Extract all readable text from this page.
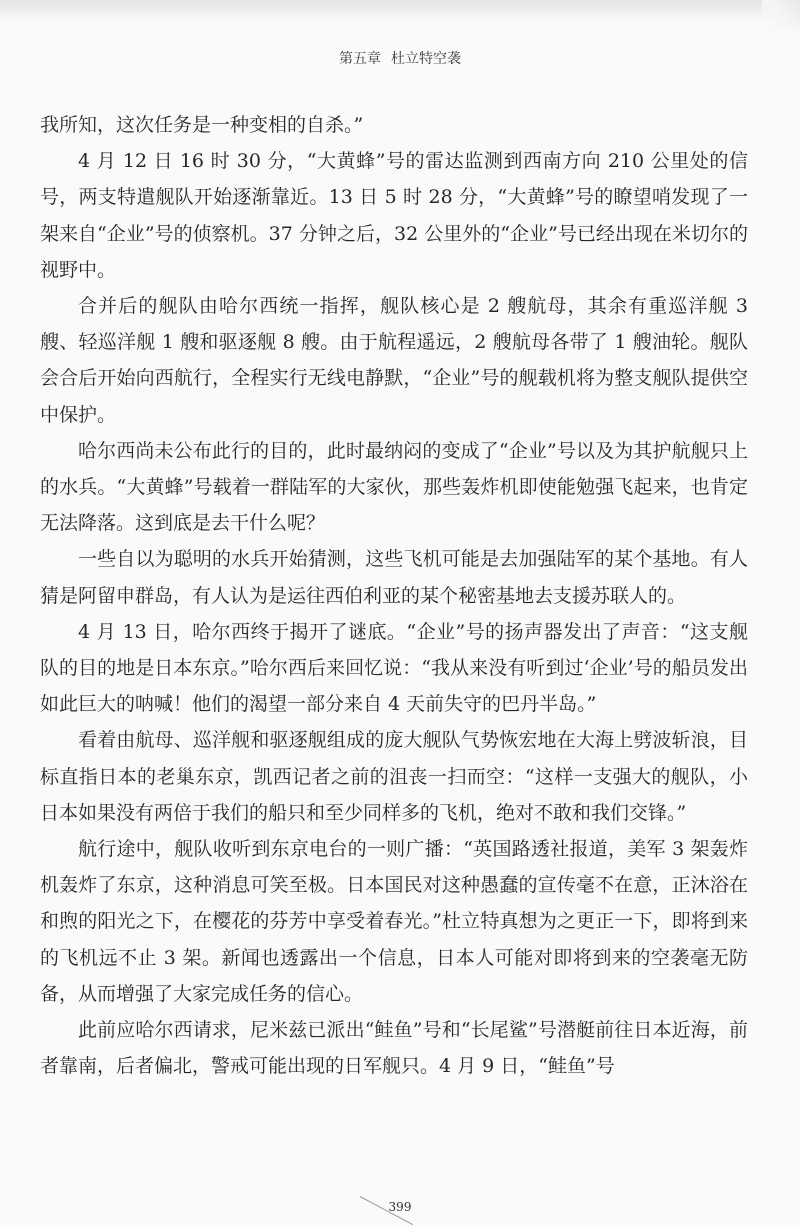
第五章 杜立特空袭

我所知，这次任务是一种变相的自杀。”

4 月 12 日 16 时 30 分，“大黄蜂”号的雷达监测到西南方向 210 公里处的信号，两支特遣舰队开始逐渐靠近。13 日 5 时 28 分，“大黄蜂”号的瞭望哨发现了一架来自“企业”号的侦察机。37 分钟之后，32 公里外的“企业”号已经出现在米切尔的视野中。

合并后的舰队由哈尔西统一指挥，舰队核心是 2 艘航母，其余有重巡洋舰 3 艘、轻巡洋舰 1 艘和驱逐舰 8 艘。由于航程遥远，2 艘航母各带了 1 艘油轮。舰队会合后开始向西航行，全程实行无线电静默，“企业”号的舰载机将为整支舰队提供空中保护。

哈尔西尚未公布此行的目的，此时最纳闷的变成了“企业”号以及为其护航舰只上的水兵。“大黄蜂”号载着一群陆军的大家伙，那些轰炸机即使能勉强飞起来，也肯定无法降落。这到底是去干什么呢？

一些自以为聪明的水兵开始猜测，这些飞机可能是去加强陆军的某个基地。有人猜是阿留申群岛，有人认为是运往西伯利亚的某个秘密基地去支援苏联人的。

4 月 13 日，哈尔西终于揭开了谜底。“企业”号的扬声器发出了声音：“这支舰队的目的地是日本东京。”哈尔西后来回忆说：“我从来没有听到过‘企业’号的船员发出如此巨大的呐喊！他们的渴望一部分来自 4 天前失守的巴丹半岛。”

看着由航母、巡洋舰和驱逐舰组成的庞大舰队气势恢宏地在大海上劈波斩浪，目标直指日本的老巢东京，凯西记者之前的沮丧一扫而空：“这样一支强大的舰队，小日本如果没有两倍于我们的船只和至少同样多的飞机，绝对不敢和我们交锋。”

航行途中，舰队收听到东京电台的一则广播：“英国路透社报道，美军 3 架轰炸机轰炸了东京，这种消息可笑至极。日本国民对这种愚蠢的宣传毫不在意，正沐浴在和煦的阳光之下，在樱花的芬芳中享受着春光。”杜立特真想为之更正一下，即将到来的飞机远不止 3 架。新闻也透露出一个信息，日本人可能对即将到来的空袭毫无防备，从而增强了大家完成任务的信心。

此前应哈尔西请求，尼米兹已派出“鲑鱼”号和“长尾鲨”号潜艇前往日本近海，前者靠南，后者偏北，警戒可能出现的日军舰只。4 月 9 日，“鲑鱼”号

399
